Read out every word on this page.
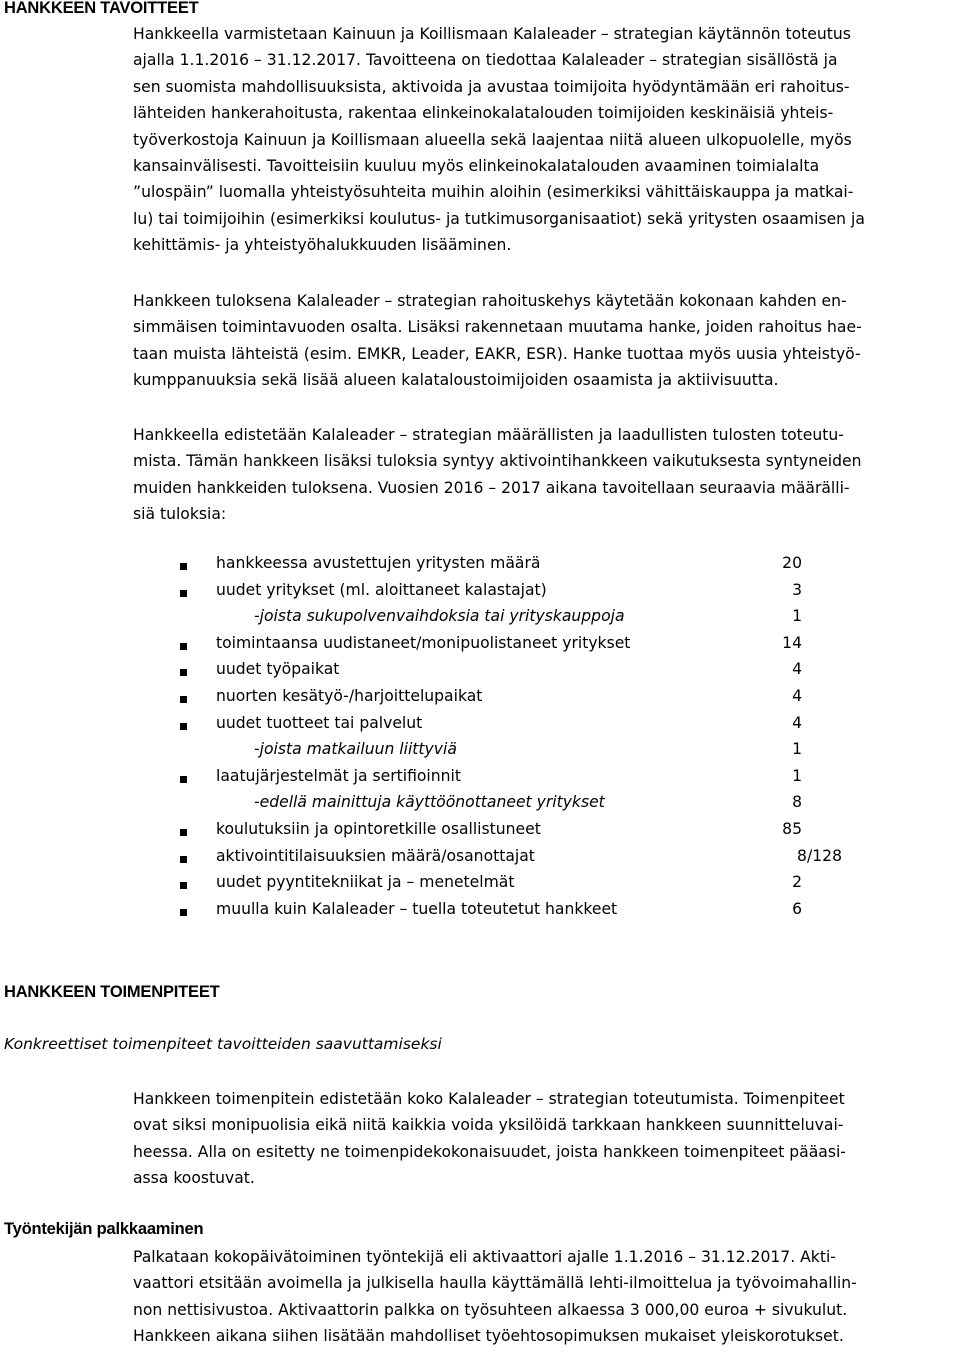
HANKKEEN TAVOITTEET
Hankkeella varmistetaan Kainuun ja Koillismaan Kalaleader – strategian käytännön toteutus
ajalla 1.1.2016 – 31.12.2017. Tavoitteena on tiedottaa Kalaleader – strategian sisällöstä ja
sen suomista mahdollisuuksista, aktivoida ja avustaa toimijoita hyödyntämään eri rahoitus-
lähteiden hankerahoitusta, rakentaa elinkeinokalatalouden toimijoiden keskinäisiä yhteis-
työverkostoja Kainuun ja Koillismaan alueella sekä laajentaa niitä alueen ulkopuolelle, myös
kansainvälisesti. Tavoitteisiin kuuluu myös elinkeinokalatalouden avaaminen toimialalta
”ulospäin” luomalla yhteistyösuhteita muihin aloihin (esimerkiksi vähittäiskauppa ja matkai-
lu) tai toimijoihin (esimerkiksi koulutus- ja tutkimusorganisaatiot) sekä yritysten osaamisen ja
kehittämis- ja yhteistyöhalukkuuden lisääminen.
Hankkeen tuloksena Kalaleader – strategian rahoituskehys käytetään kokonaan kahden en-
simmäisen toimintavuoden osalta. Lisäksi rakennetaan muutama hanke, joiden rahoitus hae-
taan muista lähteistä (esim. EMKR, Leader, EAKR, ESR). Hanke tuottaa myös uusia yhteistyö-
kumppanuuksia sekä lisää alueen kalataloustoimijoiden osaamista ja aktiivisuutta.
Hankkeella edistetään Kalaleader – strategian määrällisten ja laadullisten tulosten toteutu-
mista. Tämän hankkeen lisäksi tuloksia syntyy aktivointihankkeen vaikutuksesta syntyneiden
muiden hankkeiden tuloksena. Vuosien 2016 – 2017 aikana tavoitellaan seuraavia määrälli-
siä tuloksia:
hankkeessa avustettujen yritysten määrä	20
uudet yritykset (ml. aloittaneet kalastajat)	3
-joista sukupolvenvaihdoksia tai yrityskauppoja	1
toimintaansa uudistaneet/monipuolistaneet yritykset	14
uudet työpaikat	4
nuorten kesätyö-/harjoittelupaikat	4
uudet tuotteet tai palvelut	4
-joista matkailuun liittyviä	1
laatujärjestelmät ja sertifioinnit	1
-edellä mainittuja käyttöönottaneet yritykset	8
koulutuksiin ja opintoretkille osallistuneet	85
aktivointitilaisuuksien määrä/osanottajat	8/128
uudet pyyntitekniikat ja – menetelmät	2
muulla kuin Kalaleader – tuella toteutetut hankkeet	6
HANKKEEN TOIMENPITEET
Konkreettiset toimenpiteet tavoitteiden saavuttamiseksi
Hankkeen toimenpitein edistetään koko Kalaleader – strategian toteutumista. Toimenpiteet
ovat siksi monipuolisia eikä niitä kaikkia voida yksilöidä tarkkaan hankkeen suunnitteluvai-
heessa. Alla on esitetty ne toimenpidekokonaisuudet, joista hankkeen toimenpiteet pääasi-
assa koostuvat.
Työntekijän palkkaaminen
Palkataan kokopäivätoiminen työntekijä eli aktivaattori ajalle 1.1.2016 – 31.12.2017. Akti-
vaattori etsitään avoimella ja julkisella haulla käyttämällä lehti-ilmoittelua ja työvoimahallin-
non nettisivustoa. Aktivaattorin palkka on työsuhteen alkaessa 3 000,00 euroa + sivukulut.
Hankkeen aikana siihen lisätään mahdolliset työehtosopimuksen mukaiset yleiskorotukset.
